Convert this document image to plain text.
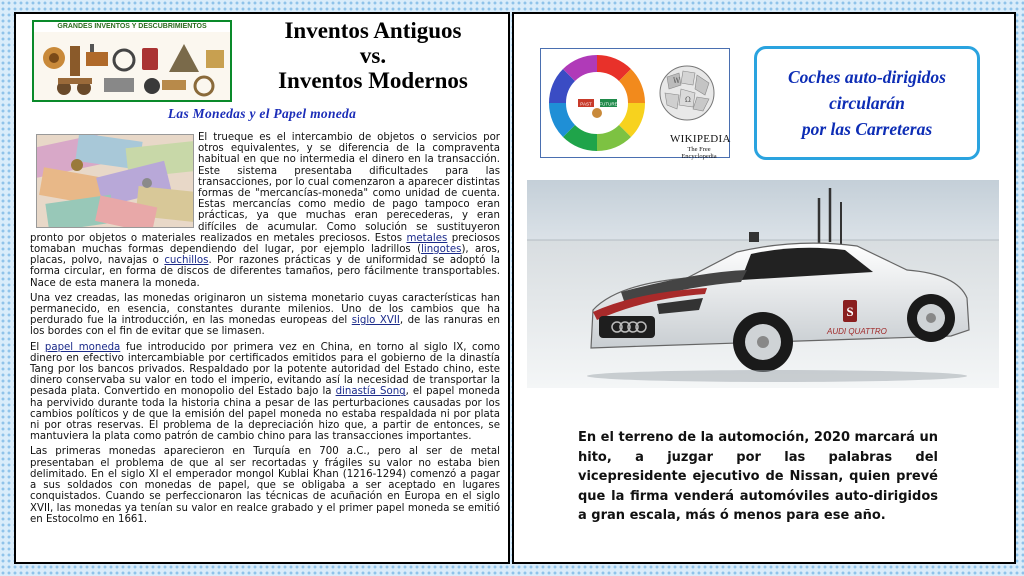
GRANDES INVENTOS Y DESCUBRIMIENTOS	Inventos Antiguos
vs.
Inventos Modernos
Las Monedas y el Papel moneda

El trueque es el intercambio de objetos o servicios por otros equivalentes, y se diferencia de la compraventa habitual en que no intermedia el dinero en la transacción. Este sistema presentaba dificultades para las transacciones, por lo cual comenzaron a aparecer distintas formas de "mercancías-moneda" como unidad de cuenta. Estas mercancías como medio de pago tampoco eran prácticas, ya que muchas eran perecederas, y eran difíciles de acumular. Como solución se sustituyeron pronto por objetos o materiales realizados en metales preciosos. Estos metales preciosos tomaban muchas formas dependiendo del lugar, por ejemplo ladrillos (lingotes), aros, placas, polvo, navajas o cuchillos. Por razones prácticas y de uniformidad se adoptó la forma circular, en forma de discos de diferentes tamaños, pero fácilmente transportables. Nace de esta manera la moneda.

Una vez creadas, las monedas originaron un sistema monetario cuyas características han permanecido, en esencia, constantes durante milenios. Uno de los cambios que ha perdurado fue la introducción, en las monedas europeas del siglo XVII, de las ranuras en los bordes con el fin de evitar que se limasen.

El papel moneda fue introducido por primera vez en China, en torno al siglo IX, como dinero en efectivo intercambiable por certificados emitidos para el gobierno de la dinastía Tang por los bancos privados. Respaldado por la potente autoridad del Estado chino, este dinero conservaba su valor en todo el imperio, evitando así la necesidad de transportar la pesada plata. Convertido en monopolio del Estado bajo la dinastía Song, el papel moneda ha pervivido durante toda la historia china a pesar de las perturbaciones causadas por los cambios políticos y de que la emisión del papel moneda no estaba respaldada ni por plata ni por otras reservas. El problema de la depreciación hizo que, a partir de entonces, se mantuviera la plata como patrón de cambio chino para las transacciones importantes.

Las primeras monedas aparecieron en Turquía en 700 a.C., pero al ser de metal presentaban el problema de que al ser recortadas y frágiles su valor no estaba bien delimitado. En el siglo XI el emperador mongol Kublai Khan (1216-1294) comenzó a pagar a sus soldados con monedas de papel, que se obligaba a ser aceptado en lugares conquistados. Cuando se perfeccionaron las técnicas de acuñación en Europa en el siglo XVII, las monedas ya tenían su valor en realce grabado y el primer papel moneda se emitió en Estocolmo en 1661.

PAST FUTURE
W
Ω
WIKIPEDIA
The Free Encyclopedia
Coches auto-dirigidos
circularán
por las Carreteras
S
AUDI QUATTRO
En el terreno de la automoción, 2020 marcará un hito, a juzgar por las palabras del vicepresidente ejecutivo de Nissan, quien prevé que la firma venderá automóviles auto-dirigidos a gran escala, más ó menos para ese año.
